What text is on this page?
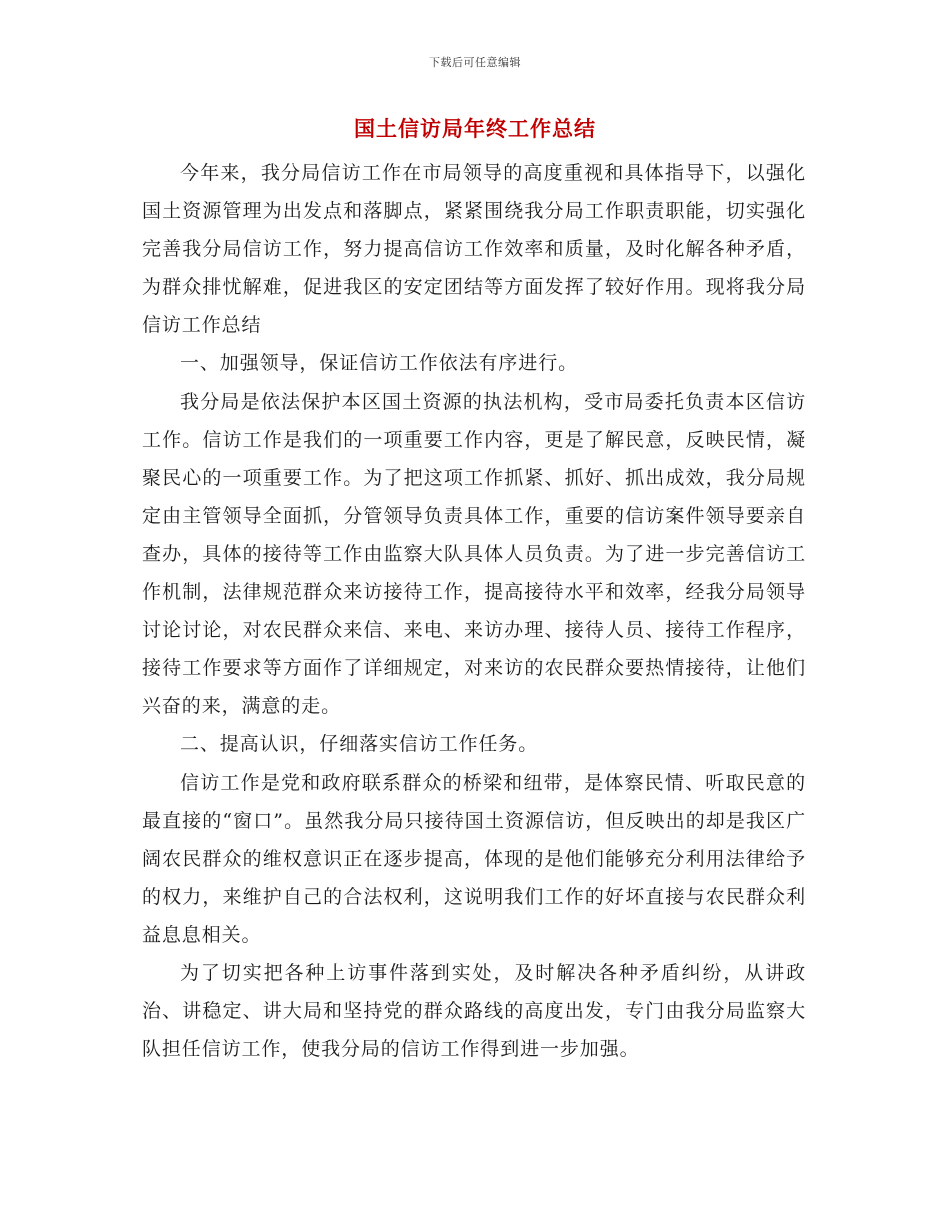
下载后可任意编辑
国土信访局年终工作总结

今年来，我分局信访工作在市局领导的高度重视和具体指导下，以强化国土资源管理为出发点和落脚点，紧紧围绕我分局工作职责职能，切实强化完善我分局信访工作，努力提高信访工作效率和质量，及时化解各种矛盾，为群众排忧解难，促进我区的安定团结等方面发挥了较好作用。现将我分局信访工作总结

一、加强领导，保证信访工作依法有序进行。

我分局是依法保护本区国土资源的执法机构，受市局委托负责本区信访工作。信访工作是我们的一项重要工作内容，更是了解民意，反映民情，凝聚民心的一项重要工作。为了把这项工作抓紧、抓好、抓出成效，我分局规定由主管领导全面抓，分管领导负责具体工作，重要的信访案件领导要亲自查办，具体的接待等工作由监察大队具体人员负责。为了进一步完善信访工作机制，法律规范群众来访接待工作，提高接待水平和效率，经我分局领导讨论讨论，对农民群众来信、来电、来访办理、接待人员、接待工作程序，接待工作要求等方面作了详细规定，对来访的农民群众要热情接待，让他们兴奋的来，满意的走。

二、提高认识，仔细落实信访工作任务。

信访工作是党和政府联系群众的桥梁和纽带，是体察民情、听取民意的最直接的“窗口”。虽然我分局只接待国土资源信访，但反映出的却是我区广阔农民群众的维权意识正在逐步提高，体现的是他们能够充分利用法律给予的权力，来维护自己的合法权利，这说明我们工作的好坏直接与农民群众利益息息相关。

为了切实把各种上访事件落到实处，及时解决各种矛盾纠纷，从讲政治、讲稳定、讲大局和坚持党的群众路线的高度出发，专门由我分局监察大队担任信访工作，使我分局的信访工作得到进一步加强。
